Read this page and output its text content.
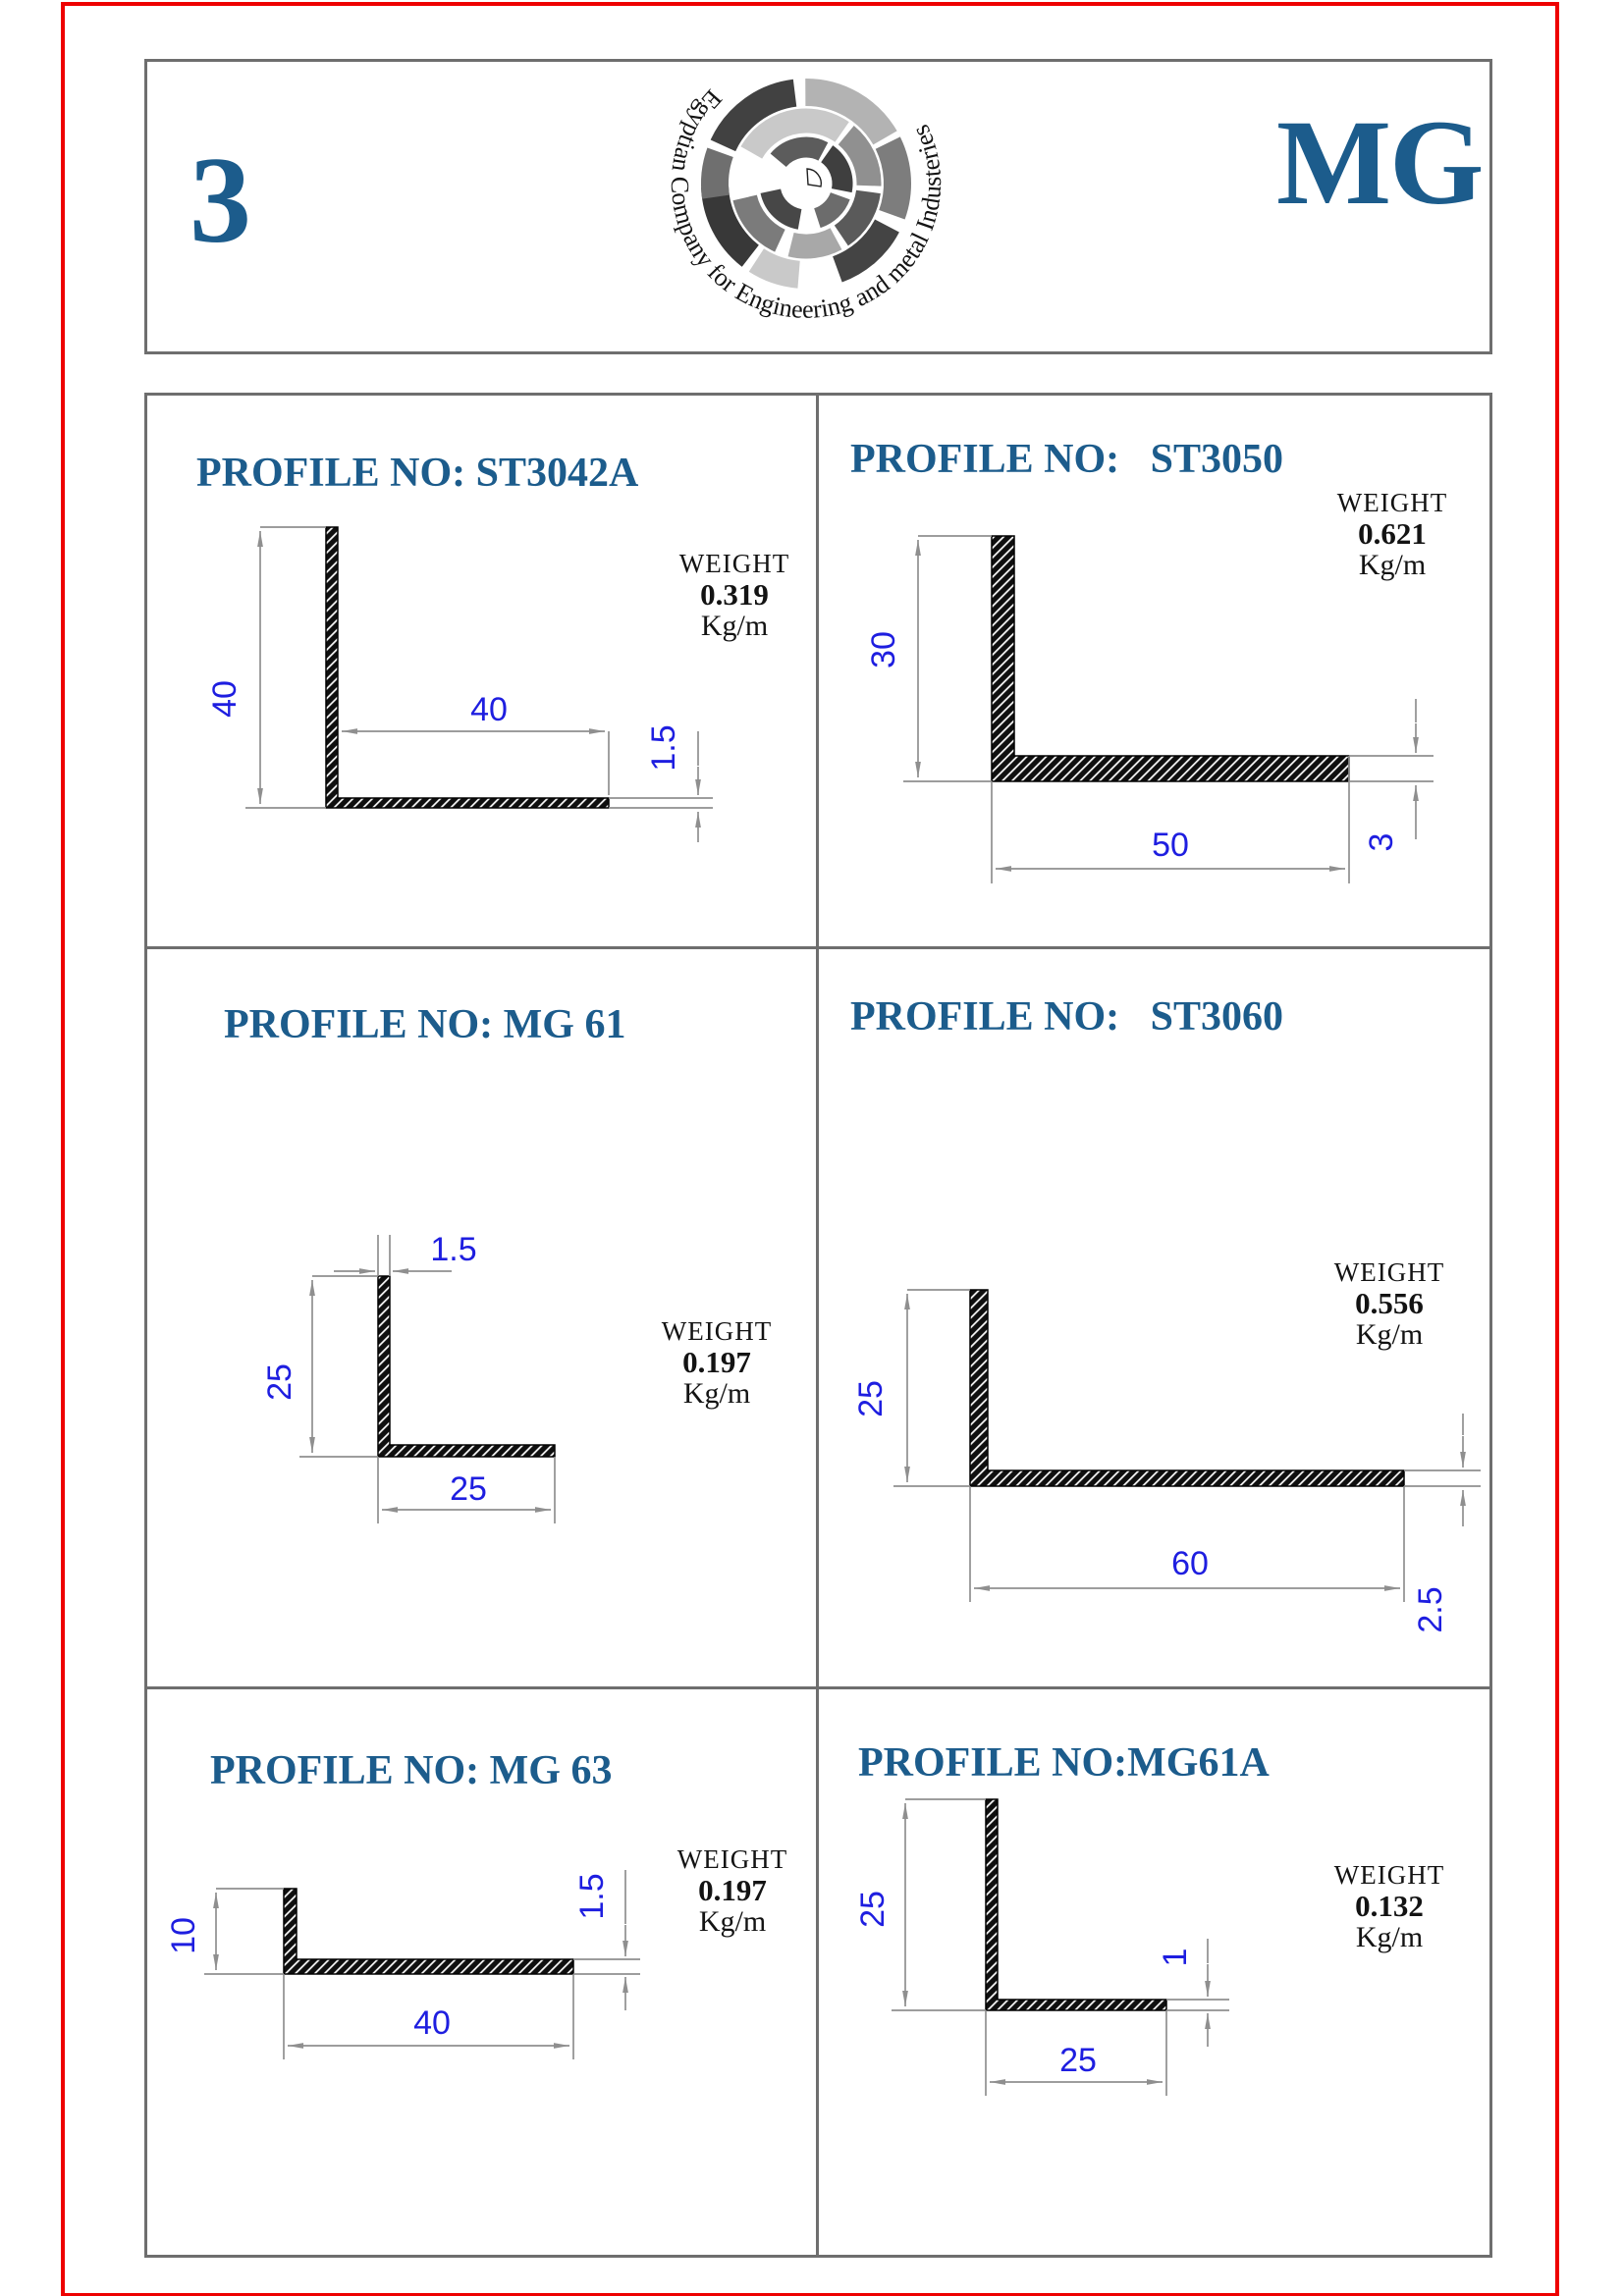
3
Egyptian Company for Engineering and metal Industeries	MG
PROFILE NO: ST3042A
WEIGHT
0.319
Kg/m
40	40
1.5
PROFILE NO:   ST3050
WEIGHT
0.621
Kg/m
30
50	3
PROFILE NO: MG 61
WEIGHT
0.197
Kg/m
1.5
25
25
PROFILE NO:   ST3060
WEIGHT
0.556
Kg/m
25
60
2.5
PROFILE NO: MG 63
WEIGHT
0.197
Kg/m
10
40
1.5
PROFILE NO:MG61A
WEIGHT
0.132
Kg/m
25
1
25
